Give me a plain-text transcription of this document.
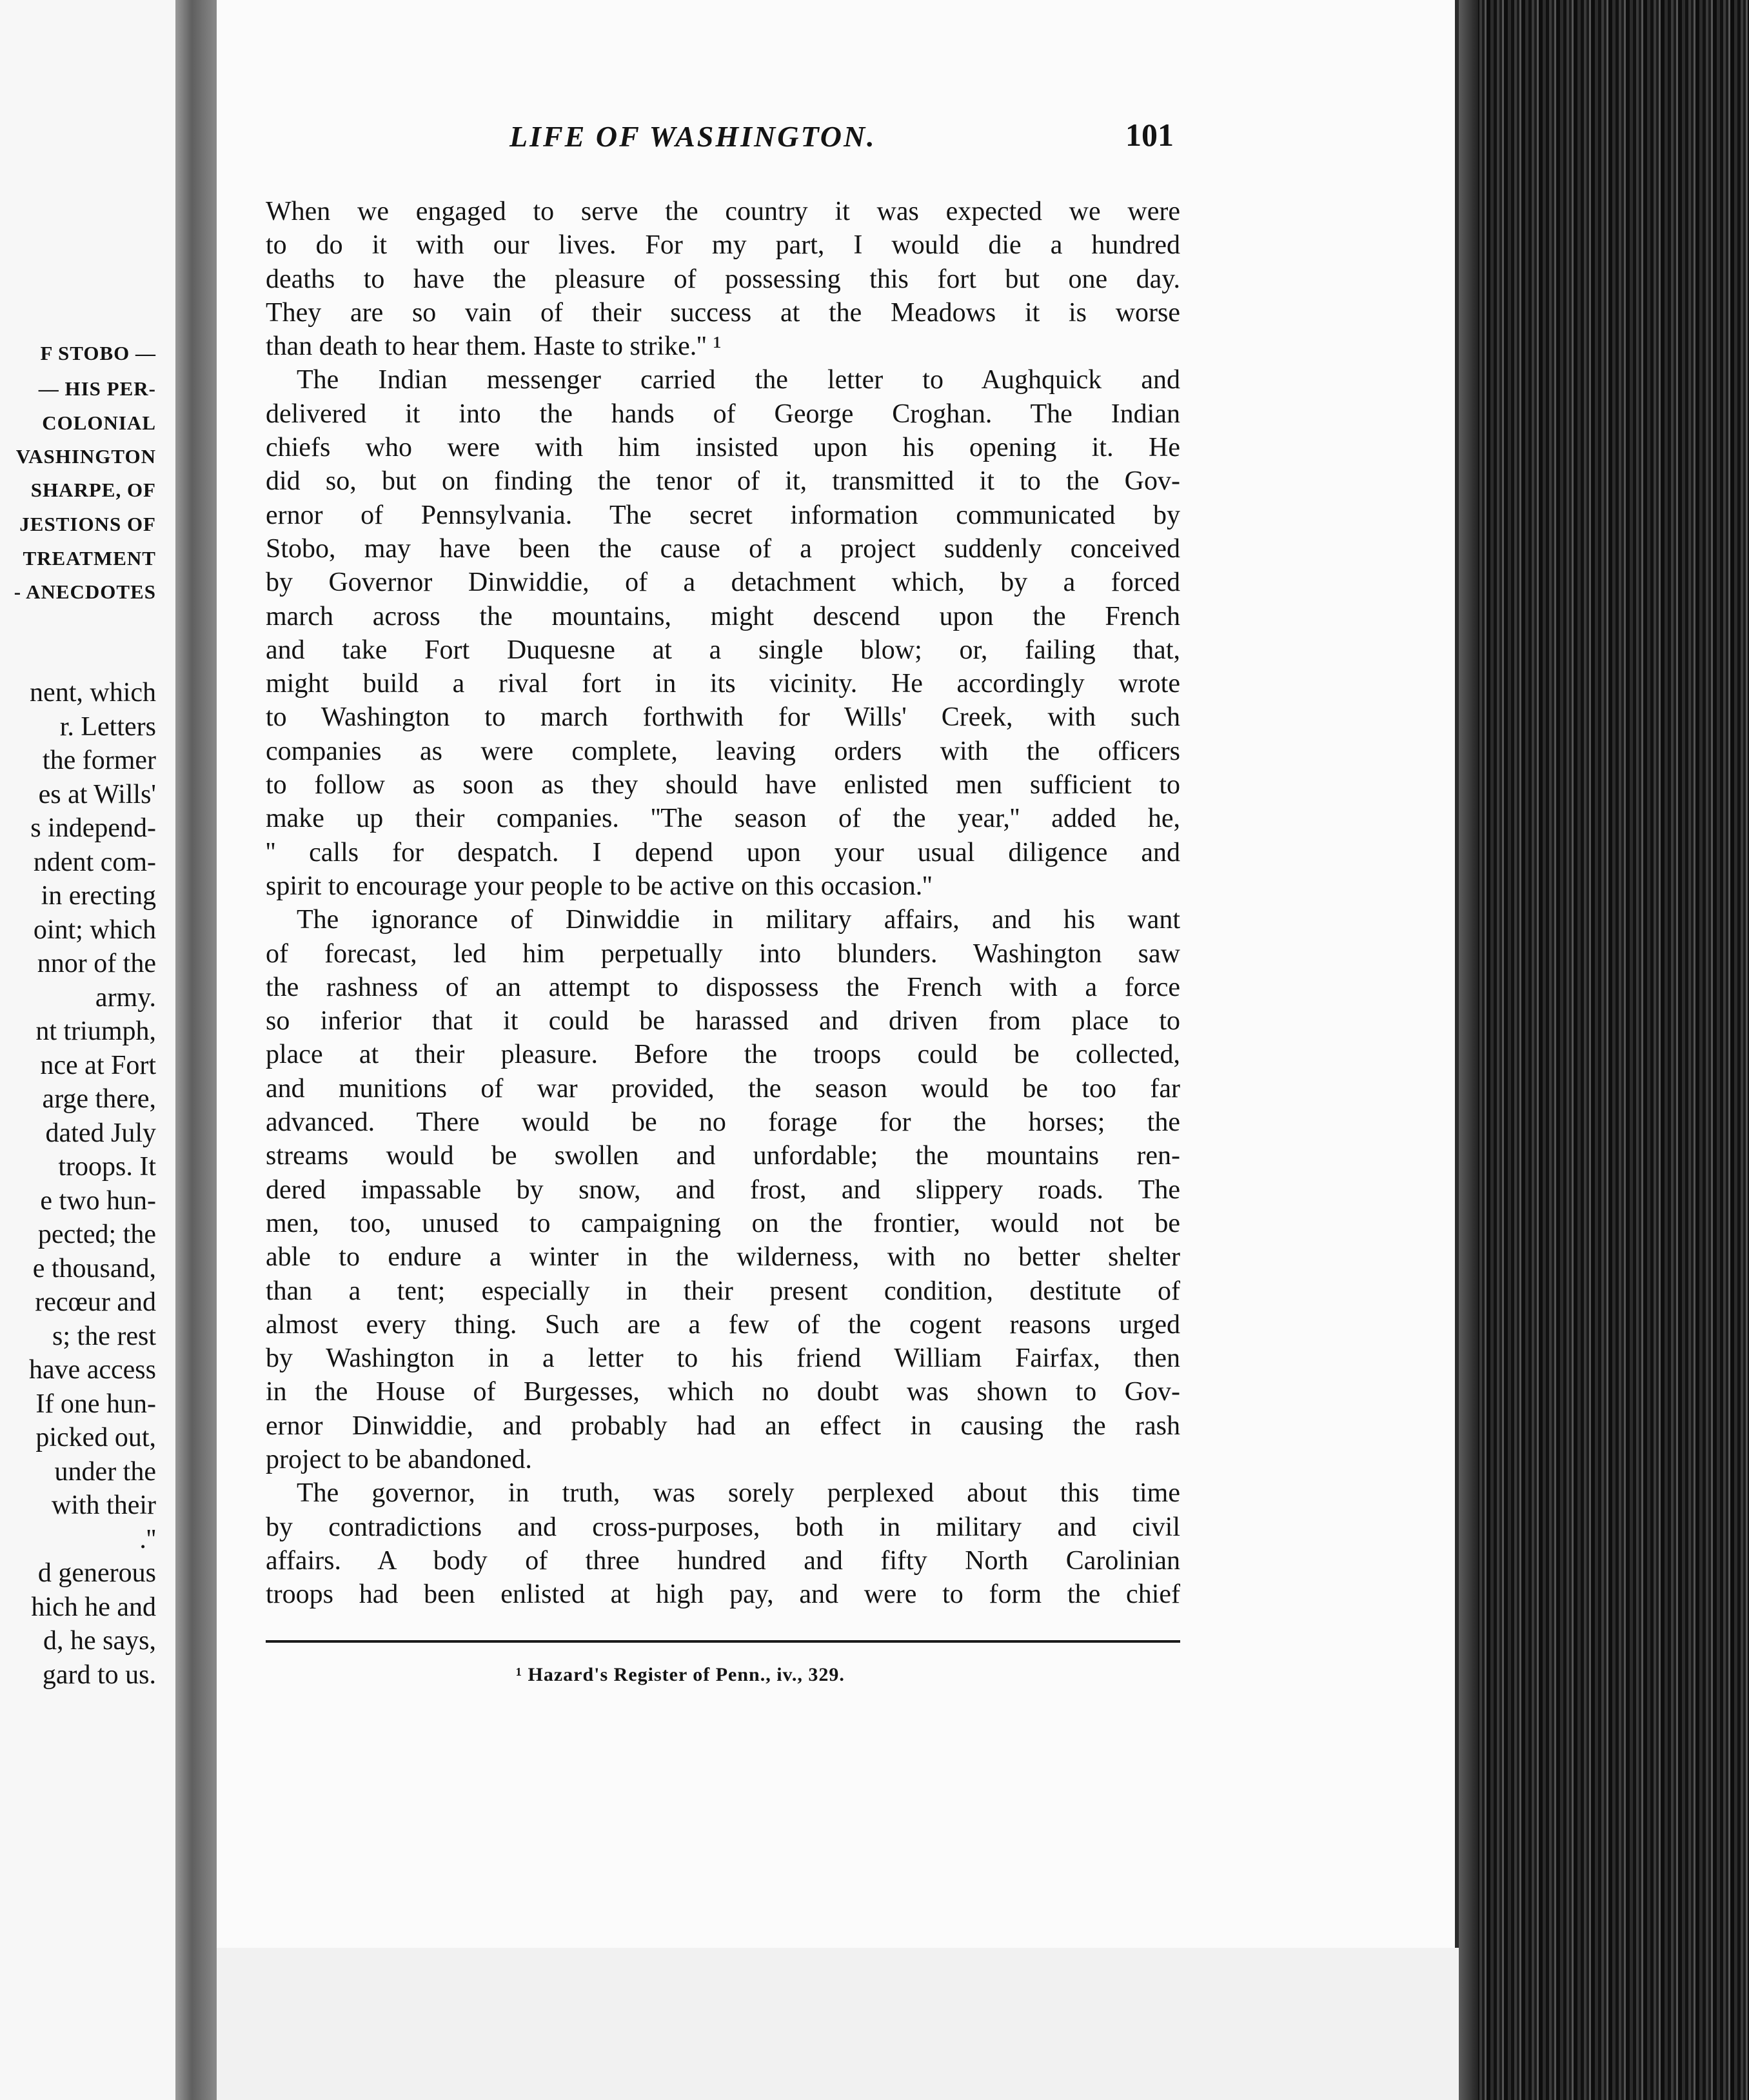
F STOBO —
— HIS PER-
COLONIAL
VASHINGTON
SHARPE, OF
JESTIONS OF
TREATMENT
- ANECDOTES
nent, which
r. Letters
the former
es at Wills'
s independ-
ndent com-
in erecting
oint; which
nnor of the
army.
nt triumph,
nce at Fort
arge there,
dated July
troops. It
e two hun-
pected; the
e thousand,
recœur and
s; the rest
have access
If one hun-
picked out,
under the
with their
.''
d generous
hich he and
d, he says,
gard to us.
LIFE OF WASHINGTON.	101
When we engaged to serve the country it was expected we were
to do it with our lives. For my part, I would die a hundred
deaths to have the pleasure of possessing this fort but one day.
They are so vain of their success at the Meadows it is worse
than death to hear them. Haste to strike.'' ¹
The Indian messenger carried the letter to Aughquick and
delivered it into the hands of George Croghan. The Indian
chiefs who were with him insisted upon his opening it. He
did so, but on finding the tenor of it, transmitted it to the Gov-
ernor of Pennsylvania. The secret information communicated by
Stobo, may have been the cause of a project suddenly conceived
by Governor Dinwiddie, of a detachment which, by a forced
march across the mountains, might descend upon the French
and take Fort Duquesne at a single blow; or, failing that,
might build a rival fort in its vicinity. He accordingly wrote
to Washington to march forthwith for Wills' Creek, with such
companies as were complete, leaving orders with the officers
to follow as soon as they should have enlisted men sufficient to
make up their companies. ''The season of the year,'' added he,
'' calls for despatch. I depend upon your usual diligence and
spirit to encourage your people to be active on this occasion.''
The ignorance of Dinwiddie in military affairs, and his want
of forecast, led him perpetually into blunders. Washington saw
the rashness of an attempt to dispossess the French with a force
so inferior that it could be harassed and driven from place to
place at their pleasure. Before the troops could be collected,
and munitions of war provided, the season would be too far
advanced. There would be no forage for the horses; the
streams would be swollen and unfordable; the mountains ren-
dered impassable by snow, and frost, and slippery roads. The
men, too, unused to campaigning on the frontier, would not be
able to endure a winter in the wilderness, with no better shelter
than a tent; especially in their present condition, destitute of
almost every thing. Such are a few of the cogent reasons urged
by Washington in a letter to his friend William Fairfax, then
in the House of Burgesses, which no doubt was shown to Gov-
ernor Dinwiddie, and probably had an effect in causing the rash
project to be abandoned.
The governor, in truth, was sorely perplexed about this time
by contradictions and cross-purposes, both in military and civil
affairs. A body of three hundred and fifty North Carolinian
troops had been enlisted at high pay, and were to form the chief
¹ Hazard's Register of Penn., iv., 329.
